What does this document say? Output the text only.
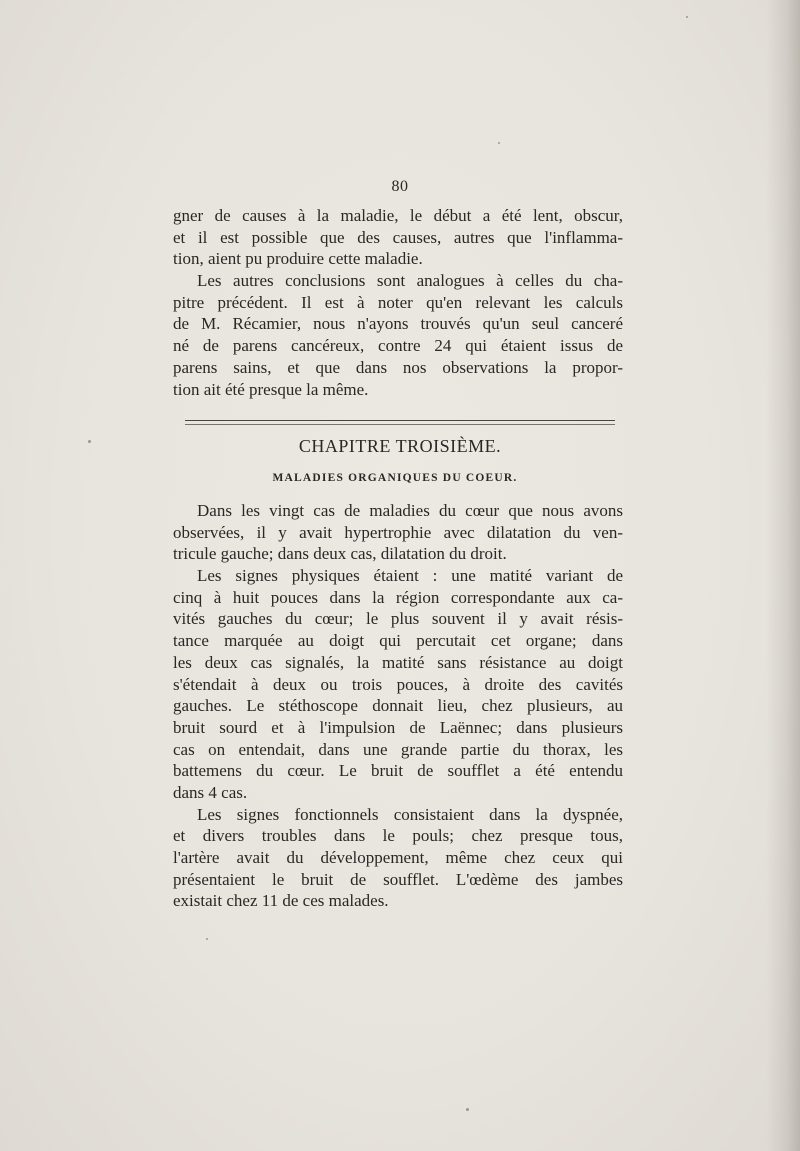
80
gner de causes à la maladie, le début a été lent, obscur,
et il est possible que des causes, autres que l'inflamma-
tion, aient pu produire cette maladie.
Les autres conclusions sont analogues à celles du cha-
pitre précédent. Il est à noter qu'en relevant les calculs
de M. Récamier, nous n'ayons trouvés qu'un seul canceré
né de parens cancéreux, contre 24 qui étaient issus de
parens sains, et que dans nos observations la propor-
tion ait été presque la même.
CHAPITRE TROISIÈME.
MALADIES ORGANIQUES DU COEUR.
Dans les vingt cas de maladies du cœur que nous avons
observées, il y avait hypertrophie avec dilatation du ven-
tricule gauche; dans deux cas, dilatation du droit.
Les signes physiques étaient : une matité variant de
cinq à huit pouces dans la région correspondante aux ca-
vités gauches du cœur; le plus souvent il y avait résis-
tance marquée au doigt qui percutait cet organe; dans
les deux cas signalés, la matité sans résistance au doigt
s'étendait à deux ou trois pouces, à droite des cavités
gauches. Le stéthoscope donnait lieu, chez plusieurs, au
bruit sourd et à l'impulsion de Laënnec; dans plusieurs
cas on entendait, dans une grande partie du thorax, les
battemens du cœur. Le bruit de soufflet a été entendu
dans 4 cas.
Les signes fonctionnels consistaient dans la dyspnée,
et divers troubles dans le pouls; chez presque tous,
l'artère avait du développement, même chez ceux qui
présentaient le bruit de soufflet. L'œdème des jambes
existait chez 11 de ces malades.
